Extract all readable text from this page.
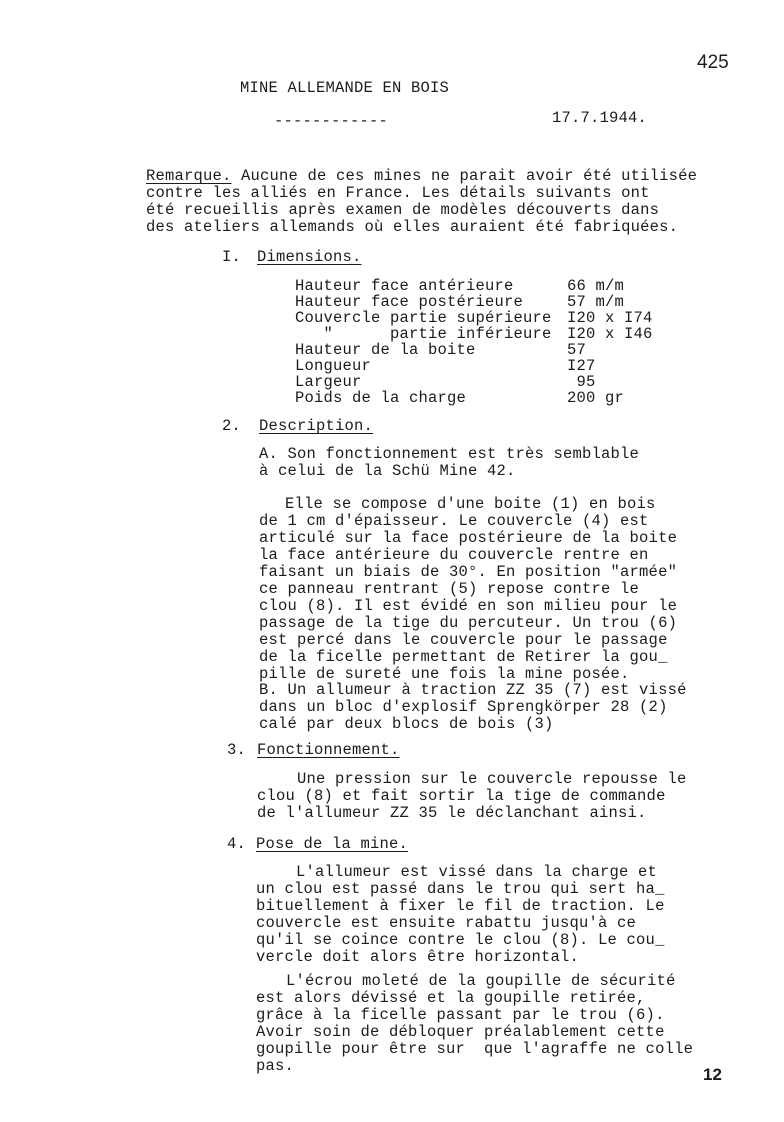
425
MINE ALLEMANDE EN BOIS
------------	17.7.1944.
Remarque. Aucune de ces mines ne parait avoir été utilisée
contre les alliés en France. Les détails suivants ont
été recueillis après examen de modèles découverts dans
des ateliers allemands où elles auraient été fabriquées.
I. Dimensions.
Hauteur face antérieure	66 m/m
Hauteur face postérieure	57 m/m
Couvercle partie supérieure I20 x I74
"      partie inférieure I20 x I46
Hauteur de la boite	57
Longueur	I27
Largeur	95
Poids de la charge	200 gr
2. Description.
A. Son fonctionnement est très semblable
à celui de la Schü Mine 42.
Elle se compose d'une boite (1) en bois
de 1 cm d'épaisseur. Le couvercle (4) est
articulé sur la face postérieure de la boite
la face antérieure du couvercle rentre en
faisant un biais de 30°. En position "armée"
ce panneau rentrant (5) repose contre le
clou (8). Il est évidé en son milieu pour le
passage de la tige du percuteur. Un trou (6)
est percé dans le couvercle pour le passage
de la ficelle permettant de Retirer la gou_
pille de sureté une fois la mine posée.
B. Un allumeur à traction ZZ 35 (7) est vissé
dans un bloc d'explosif Sprengkörper 28 (2)
calé par deux blocs de bois (3)
3. Fonctionnement.
Une pression sur le couvercle repousse le
clou (8) et fait sortir la tige de commande
de l'allumeur ZZ 35 le déclanchant ainsi.
4. Pose de la mine.
L'allumeur est vissé dans la charge et
un clou est passé dans le trou qui sert ha_
bituellement à fixer le fil de traction. Le
couvercle est ensuite rabattu jusqu'à ce
qu'il se coince contre le clou (8). Le cou_
vercle doit alors être horizontal.
L'écrou moleté de la goupille de sécurité
est alors dévissé et la goupille retirée,
grâce à la ficelle passant par le trou (6).
Avoir soin de débloquer préalablement cette
goupille pour être sur  que l'agraffe ne colle
pas.	12
